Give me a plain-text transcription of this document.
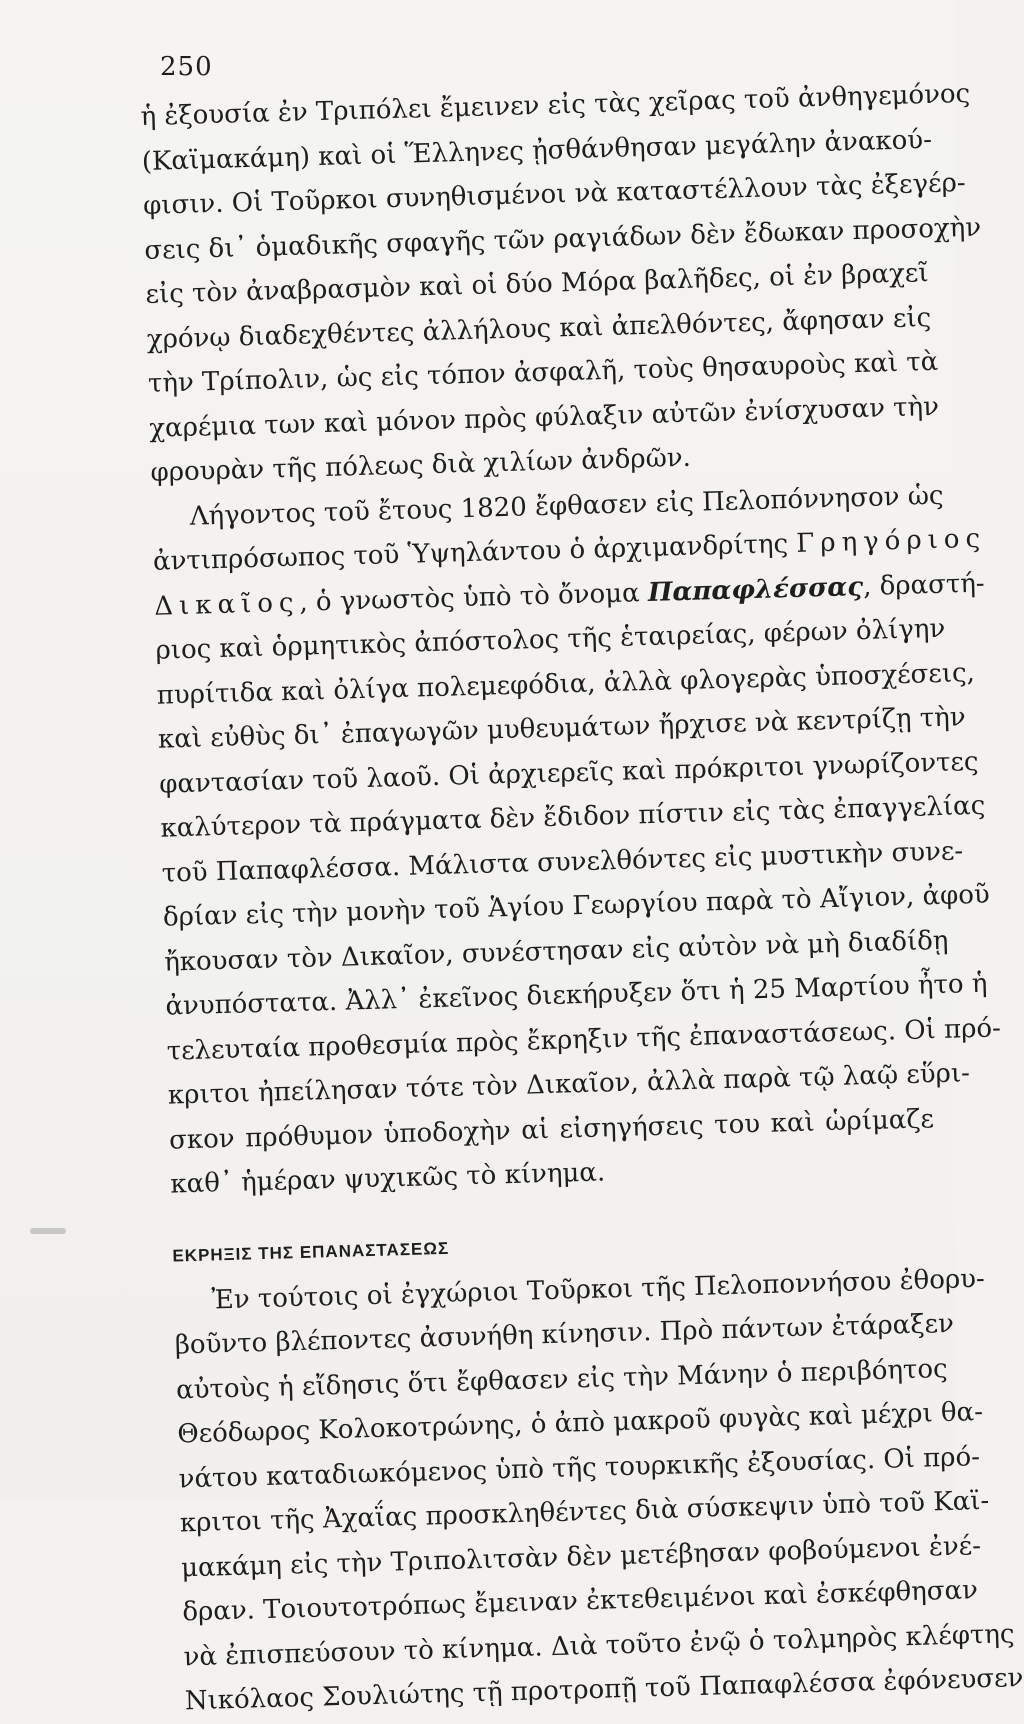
250
ἡ ἐξουσία ἐν Τριπόλει ἔμεινεν εἰς τὰς χεῖρας τοῦ ἀνθηγεμόνος
(Καϊμακάμη) καὶ οἱ Ἕλληνες ᾐσθάνθησαν μεγάλην ἀνακού-
φισιν. Οἱ Τοῦρκοι συνηθισμένοι νὰ καταστέλλουν τὰς ἐξεγέρ-
σεις δι᾽ ὁμαδικῆς σφαγῆς τῶν ραγιάδων δὲν ἔδωκαν προσοχὴν
εἰς τὸν ἀναβρασμὸν καὶ οἱ δύο Μόρα βαλῆδες, οἱ ἐν βραχεῖ
χρόνῳ διαδεχθέντες ἀλλήλους καὶ ἀπελθόντες, ἄφησαν εἰς
τὴν Τρίπολιν, ὡς εἰς τόπον ἀσφαλῆ, τοὺς θησαυροὺς καὶ τὰ
χαρέμια των καὶ μόνον πρὸς φύλαξιν αὐτῶν ἐνίσχυσαν τὴν
φρουρὰν τῆς πόλεως διὰ χιλίων ἀνδρῶν.
Λήγοντος τοῦ ἔτους 1820 ἔφθασεν εἰς Πελοπόννησον ὡς
ἀντιπρόσωπος τοῦ Ὑψηλάντου ὁ ἀρχιμανδρίτης Γρηγόριος
Δικαῖος, ὁ γνωστὸς ὑπὸ τὸ ὄνομα Παπαφλέσσας, δραστή-
ριος καὶ ὁρμητικὸς ἀπόστολος τῆς ἑταιρείας, φέρων ὀλίγην
πυρίτιδα καὶ ὀλίγα πολεμεφόδια, ἀλλὰ φλογερὰς ὑποσχέσεις,
καὶ εὐθὺς δι᾽ ἐπαγωγῶν μυθευμάτων ἤρχισε νὰ κεντρίζῃ τὴν
φαντασίαν τοῦ λαοῦ. Οἱ ἀρχιερεῖς καὶ πρόκριτοι γνωρίζοντες
καλύτερον τὰ πράγματα δὲν ἔδιδον πίστιν εἰς τὰς ἐπαγγελίας
τοῦ Παπαφλέσσα. Μάλιστα συνελθόντες εἰς μυστικὴν συνε-
δρίαν εἰς τὴν μονὴν τοῦ Ἁγίου Γεωργίου παρὰ τὸ Αἴγιον, ἀφοῦ
ἤκουσαν τὸν Δικαῖον, συνέστησαν εἰς αὐτὸν νὰ μὴ διαδίδῃ
ἀνυπόστατα. Ἀλλ᾽ ἐκεῖνος διεκήρυξεν ὅτι ἡ 25 Μαρτίου ἦτο ἡ
τελευταία προθεσμία πρὸς ἔκρηξιν τῆς ἐπαναστάσεως. Οἱ πρό-
κριτοι ἠπείλησαν τότε τὸν Δικαῖον, ἀλλὰ παρὰ τῷ λαῷ εὕρι-
σκον πρόθυμον ὑποδοχὴν αἱ εἰσηγήσεις του καὶ ὡρίμαζε
καθ᾽ ἡμέραν ψυχικῶς τὸ κίνημα.
ΕΚΡΗΞΙΣ ΤΗΣ ΕΠΑΝΑΣΤΑΣΕΩΣ
Ἐν τούτοις οἱ ἐγχώριοι Τοῦρκοι τῆς Πελοποννήσου ἐθορυ-
βοῦντο βλέποντες ἀσυνήθη κίνησιν. Πρὸ πάντων ἐτάραξεν
αὐτοὺς ἡ εἴδησις ὅτι ἔφθασεν εἰς τὴν Μάνην ὁ περιβόητος
Θεόδωρος Κολοκοτρώνης, ὁ ἀπὸ μακροῦ φυγὰς καὶ μέχρι θα-
νάτου καταδιωκόμενος ὑπὸ τῆς τουρκικῆς ἐξουσίας. Οἱ πρό-
κριτοι τῆς Ἀχαΐας προσκληθέντες διὰ σύσκεψιν ὑπὸ τοῦ Καϊ-
μακάμη εἰς τὴν Τριπολιτσὰν δὲν μετέβησαν φοβούμενοι ἐνέ-
δραν. Τοιουτοτρόπως ἔμειναν ἐκτεθειμένοι καὶ ἐσκέφθησαν
νὰ ἐπισπεύσουν τὸ κίνημα. Διὰ τοῦτο ἐνῷ ὁ τολμηρὸς κλέφτης
Νικόλαος Σουλιώτης τῇ προτροπῇ τοῦ Παπαφλέσσα ἐφόνευσεν
